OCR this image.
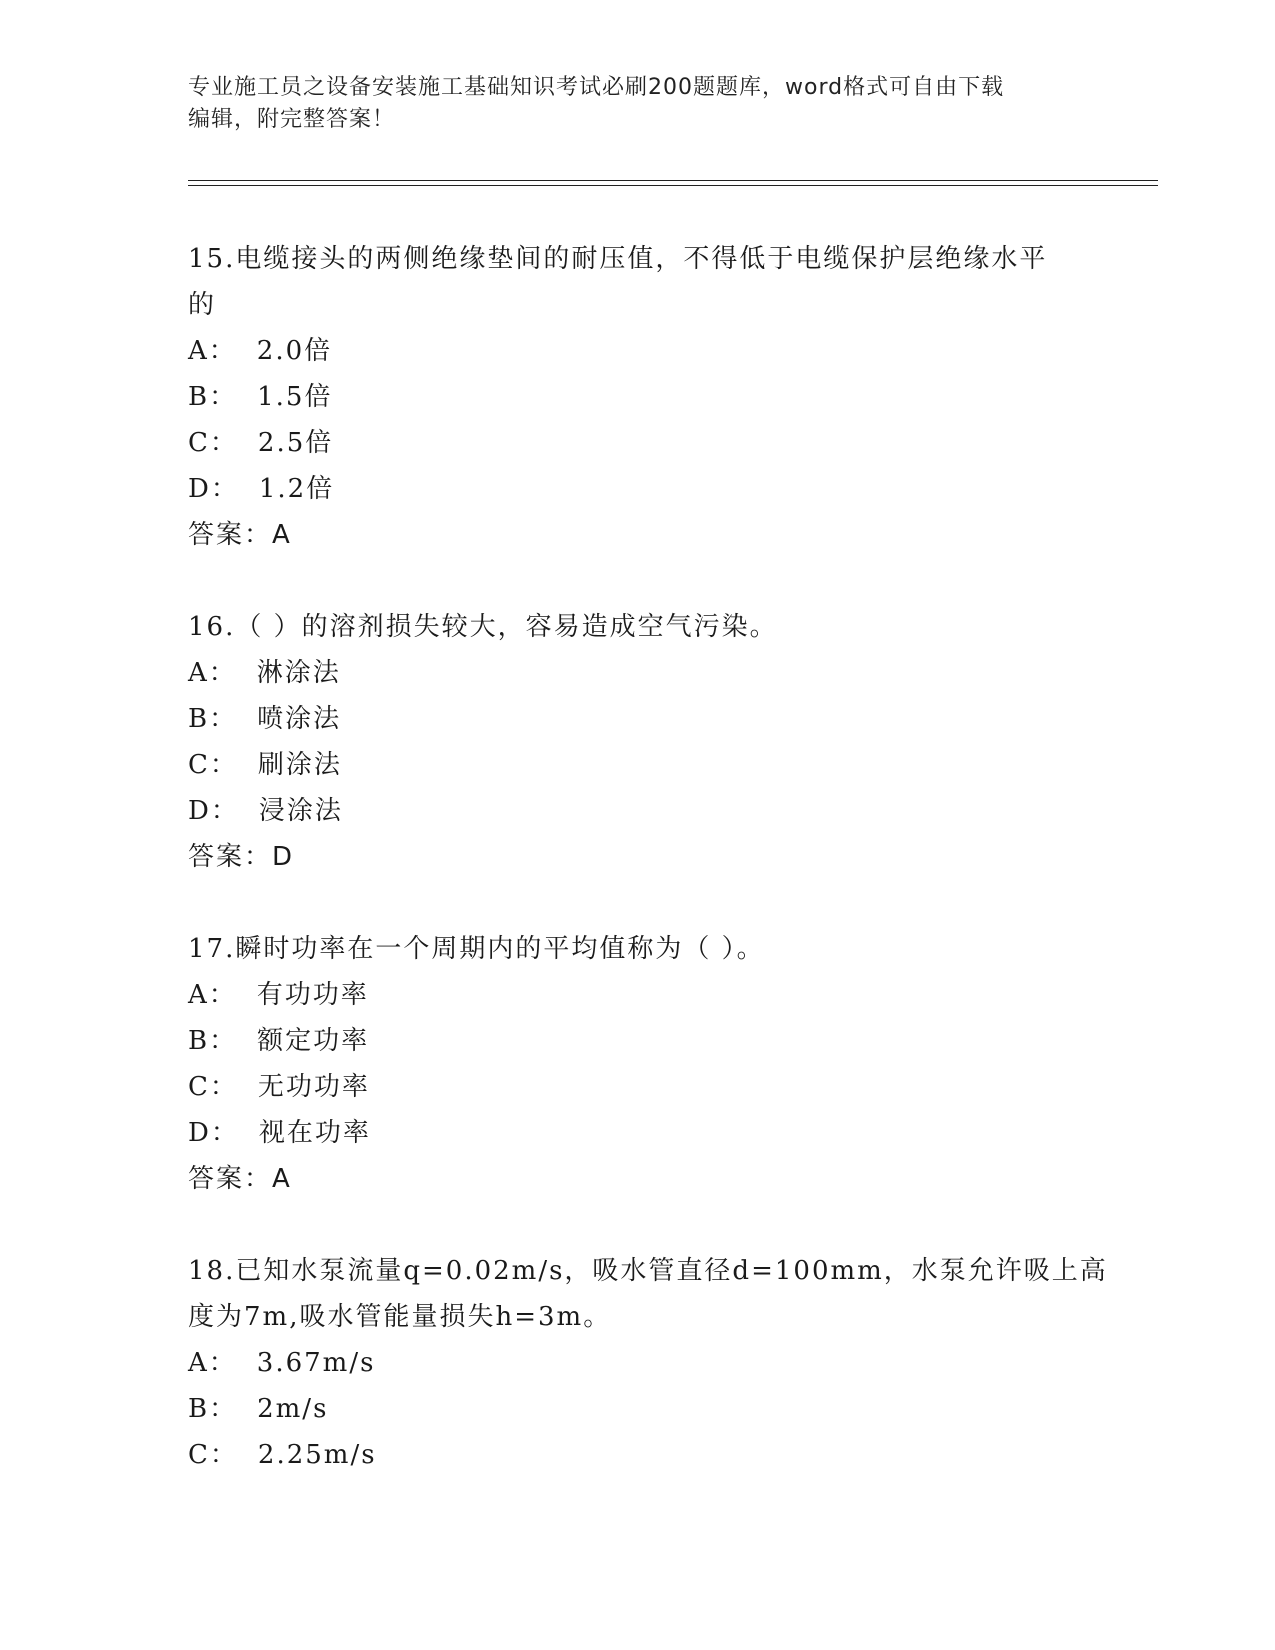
专业施工员之设备安装施工基础知识考试必刷200题题库，word格式可自由下载
编辑，附完整答案！
15.电缆接头的两侧绝缘垫间的耐压值，不得低于电缆保护层绝缘水平
的
A： 2.0倍
B： 1.5倍
C： 2.5倍
D： 1.2倍
答案：A
16.（ ）的溶剂损失较大，容易造成空气污染。
A： 淋涂法
B： 喷涂法
C： 刷涂法
D： 浸涂法
答案：D
17.瞬时功率在一个周期内的平均值称为（ ）。
A： 有功功率
B： 额定功率
C： 无功功率
D： 视在功率
答案：A
18.已知水泵流量q=0.02m/s，吸水管直径d=100mm，水泵允许吸上高
度为7m,吸水管能量损失h=3m。
A： 3.67m/s
B： 2m/s
C： 2.25m/s
